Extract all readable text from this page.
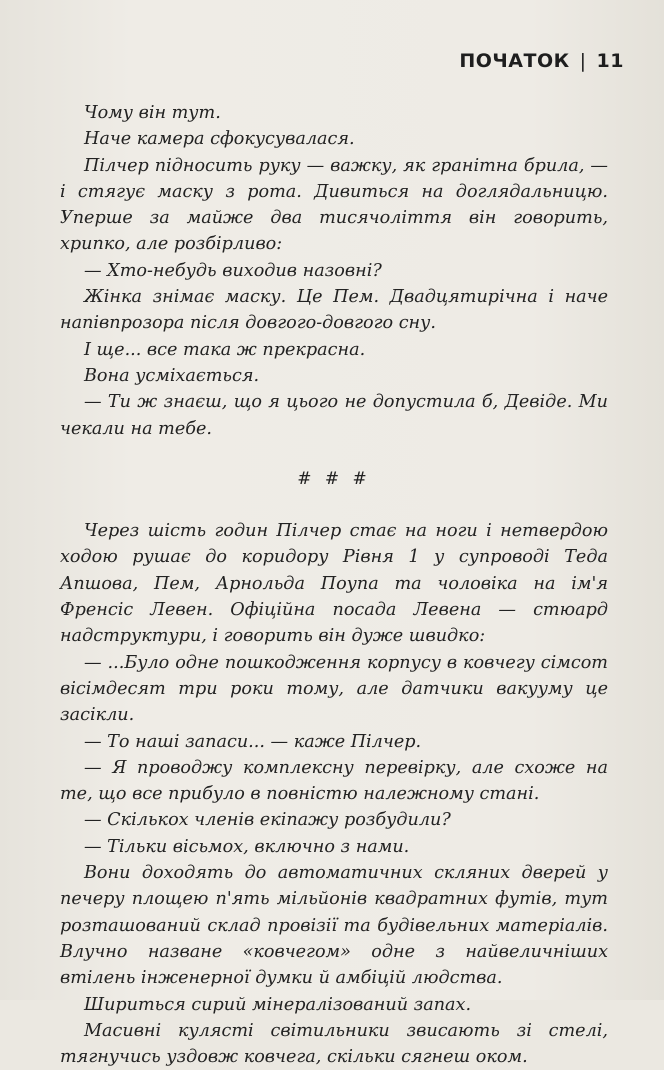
ПОЧАТОК | 11

Чому він тут.

Наче камера сфокусувалася.

Пілчер підносить руку — важку, як гранітна брила, — і стягує маску з рота. Дивиться на доглядальницю. Уперше за майже два тисячоліття він говорить, хрипко, але розбірливо:

— Хто-небудь виходив назовні?

Жінка знімає маску. Це Пем. Двадцятирічна і наче напівпрозора після довгого-довгого сну.

І ще... все така ж прекрасна.

Вона усміхається.

— Ти ж знаєш, що я цього не допустила б, Девіде. Ми чекали на тебе.

# # #

Через шість годин Пілчер стає на ноги і нетвердою ходою рушає до коридору Рівня 1 у супроводі Теда Апшова, Пем, Арнольда Поупа та чоловіка на ім'я Френсіс Левен. Офіційна посада Левена — стюард надструктури, і говорить він дуже швидко:

— ...Було одне пошкодження корпусу в ковчегу сімсот вісімдесят три роки тому, але датчики вакууму це засікли.

— То наші запаси... — каже Пілчер.

— Я проводжу комплексну перевірку, але схоже на те, що все прибуло в повністю належному стані.

— Скількох членів екіпажу розбудили?

— Тільки вісьмох, включно з нами.

Вони доходять до автоматичних скляних дверей у печеру площею п'ять мільйонів квадратних футів, тут розташований склад провізії та будівельних матеріалів. Влучно назване «ковчегом» одне з найвеличніших втілень інженерної думки й амбіцій людства.

Шириться сирий мінералізований запах.

Масивні кулясті світильники звисають зі стелі, тягнучись уздовж ковчега, скільки сягнеш оком.
